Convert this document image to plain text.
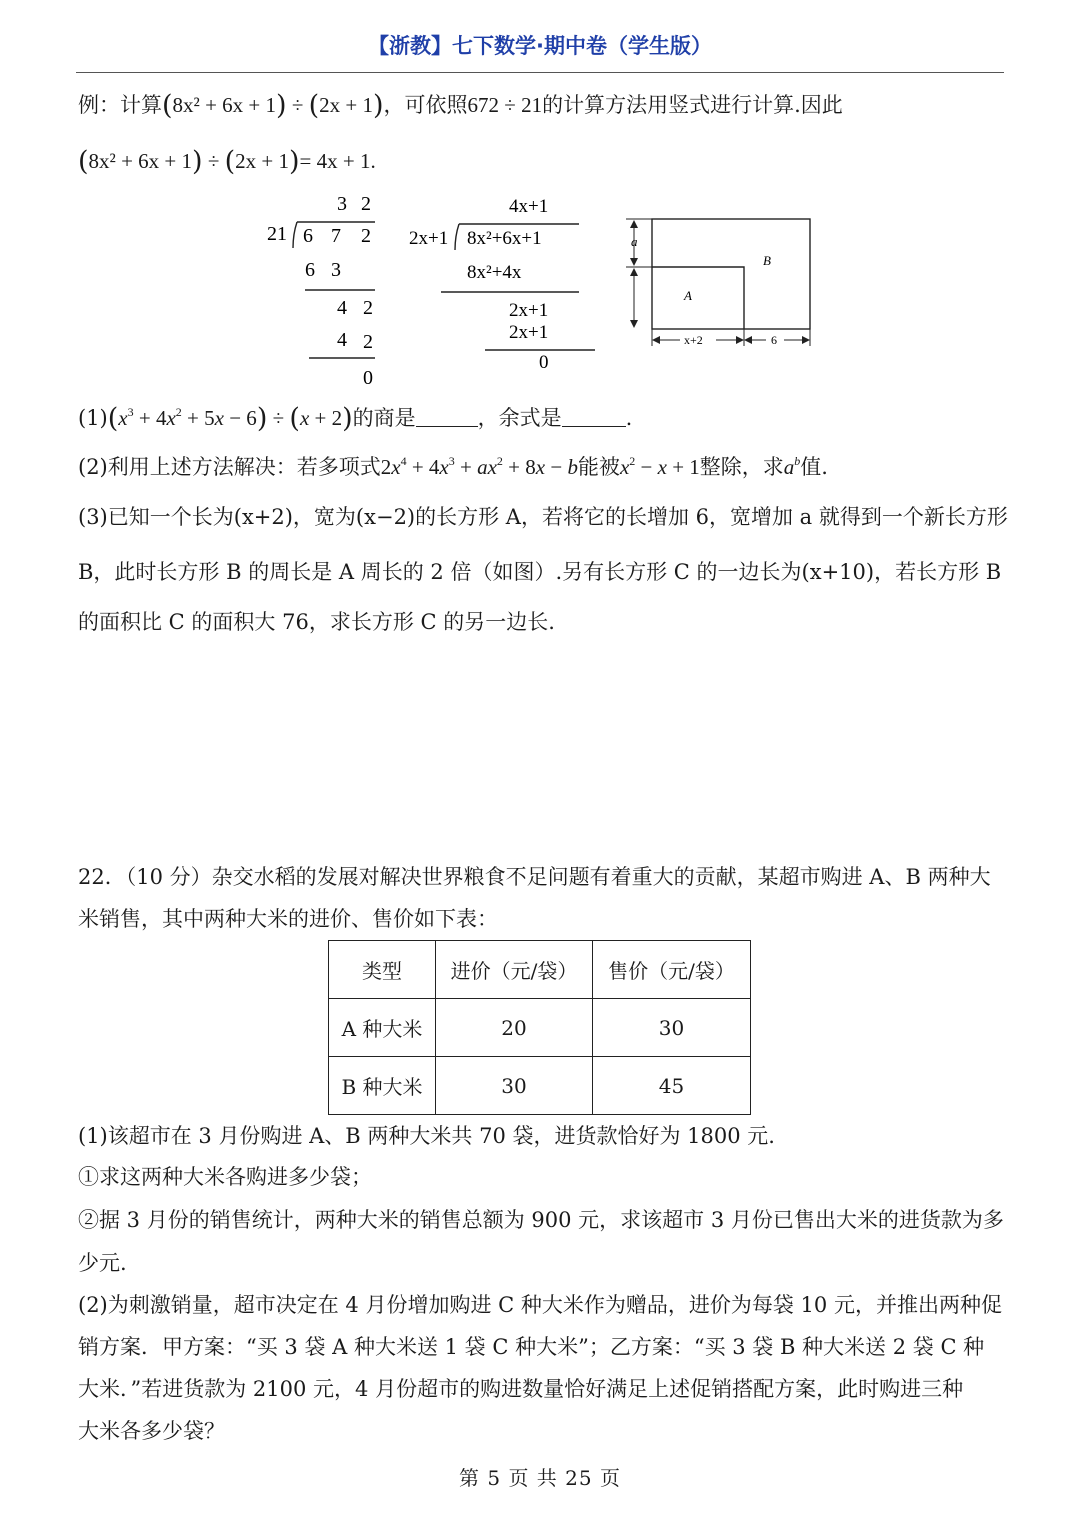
【浙教】七下数学·期中卷（学生版）
例：计算(8x² + 6x + 1) ÷ (2x + 1)，可依照672 ÷ 21的计算方法用竖式进行计算.因此
(8x² + 6x + 1) ÷ (2x + 1)= 4x + 1.
3 2
21 6 7 2
6 3
4 2
4 2
0
4x+1
2x+1 8x²+6x+1
8x²+4x
2x+1
2x+1
0
a
A
B
x+2	6
$(1)(x^3 + 4x^2 + 5x - 6) \div (x + 2)$的商是	，余式是	.
(2)利用上述方法解决：若多项式$2x^4 + 4x^3 + ax^2 + 8x - b$能被$x^2 - x + 1$整除，求$a^b$值.
(3)已知一个长为(x+2)，宽为(x−2)的长方形 A，若将它的长增加 6，宽增加 a 就得到一个新长方形
B，此时长方形 B 的周长是 A 周长的 2 倍（如图）.另有长方形 C 的一边长为(x+10)，若长方形 B
的面积比 C 的面积大 76，求长方形 C 的另一边长.
22．（10 分）杂交水稻的发展对解决世界粮食不足问题有着重大的贡献，某超市购进 A、B 两种大
米销售，其中两种大米的进价、售价如下表：
类型	进价（元/袋）	售价（元/袋）
A 种大米	20	30
B 种大米	30	45
(1)该超市在 3 月份购进 A、B 两种大米共 70 袋，进货款恰好为 1800 元.
①求这两种大米各购进多少袋；
②据 3 月份的销售统计，两种大米的销售总额为 900 元，求该超市 3 月份已售出大米的进货款为多
少元.
(2)为刺激销量，超市决定在 4 月份增加购进 C 种大米作为赠品，进价为每袋 10 元，并推出两种促
销方案．甲方案：“买 3 袋 A 种大米送 1 袋 C 种大米”；乙方案：“买 3 袋 B 种大米送 2 袋 C 种
大米．”若进货款为 2100 元，4 月份超市的购进数量恰好满足上述促销搭配方案，此时购进三种
大米各多少袋？
第 5 页 共 25 页
